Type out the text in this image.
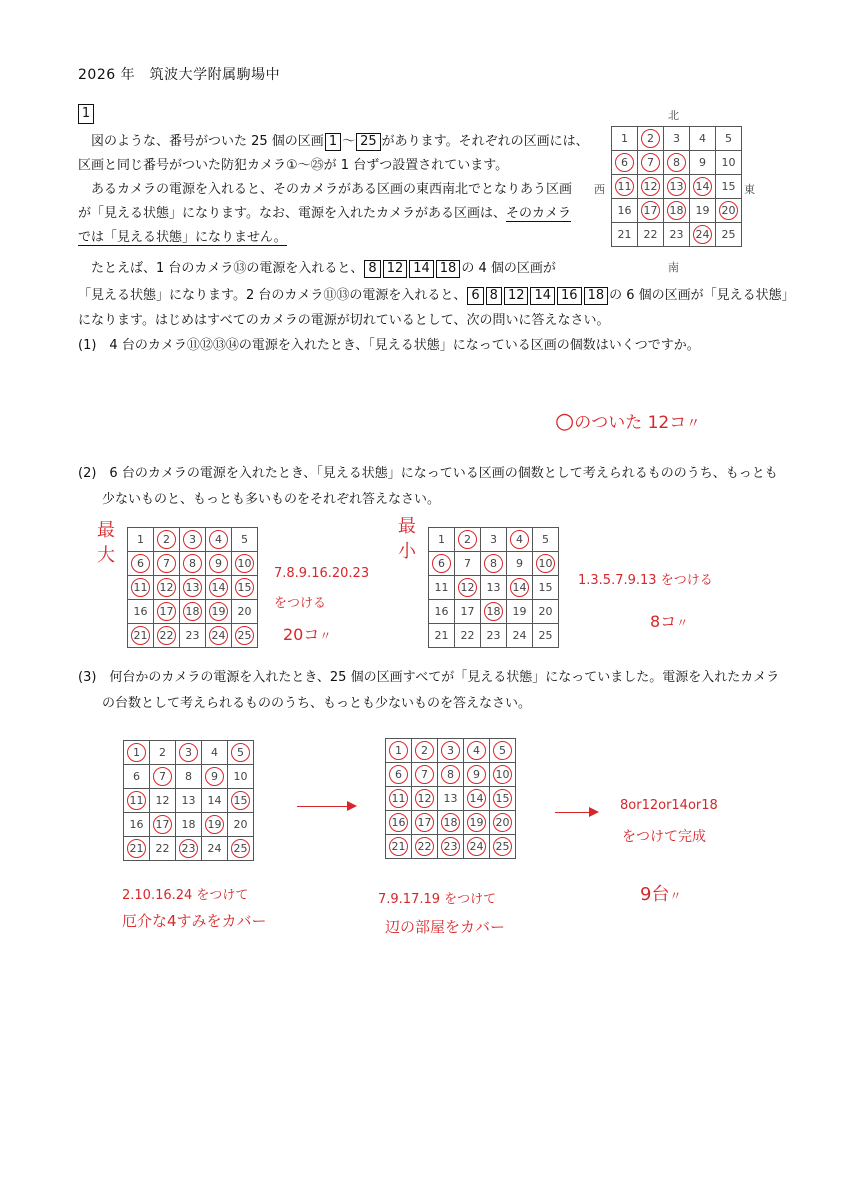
2026 年　筑波大学附属駒場中
1
図のような、番号がついた 25 個の区画 1 ～ 25 があります。それぞれの区画には、
区画と同じ番号がついた防犯カメラ①～㉕が 1 台ずつ設置されています。
　あるカメラの電源を入れると、そのカメラがある区画の東西南北でとなりあう区画
が「見える状態」になります。なお、電源を入れたカメラがある区画は、そのカメラ
では「見える状態」になりません。
　たとえば、1 台のカメラ⑬の電源を入れると、 8 12 14 18 の 4 個の区画が
「見える状態」になります。2 台のカメラ⑪⑬の電源を入れると、 6 8 12 14 16 18 の 6 個の区画が「見える状態」
になります。はじめはすべてのカメラの電源が切れているとして、次の問いに答えなさい。
北
南
西	東
1	2	3	4	5
6	7	8	9	10
11	12	13	14	15
16	17	18	19	20

21	22	23	24	25
(1)　4 台のカメラ⑪⑫⑬⑭の電源を入れたとき、「見える状態」になっている区画の個数はいくつですか。
○のついた 12コ〃
(2)　6 台のカメラの電源を入れたとき、「見える状態」になっている区画の個数として考えられるもののうち、もっとも
少ないものと、もっとも多いものをそれぞれ答えなさい。
最大
1	2	3	4	5
6	7	8	9	10

11	12	13	14	15

16	17	18	19	20
21	22	23	24	25
7.8.9.16.20.23
をつける
20コ〃
最小
1	2	3	4	5
6	7	8	9	10

11	12	13	14	15
16	17	18	19	20
21	22	23	24	25
1.3.5.7.9.13 をつける
8コ〃
(3)　何台かのカメラの電源を入れたとき、25 個の区画すべてが「見える状態」になっていました。電源を入れたカメラ
の台数として考えられるもののうち、もっとも少ないものを答えなさい。
1	2	3	4	5

6	7	8	9	10
11	12	13	14	15

16	17	18	19	20
21	22	23	24	25
1	2	3	4	5

6	7	8	9	10

11	12	13	14	15

16	17	18	19	20

21	22	23	24	25
2.10.16.24 をつけて
厄介な4すみをカバー
7.9.17.19 をつけて
辺の部屋をカバー
8or12or14or18
をつけて完成
9台〃
